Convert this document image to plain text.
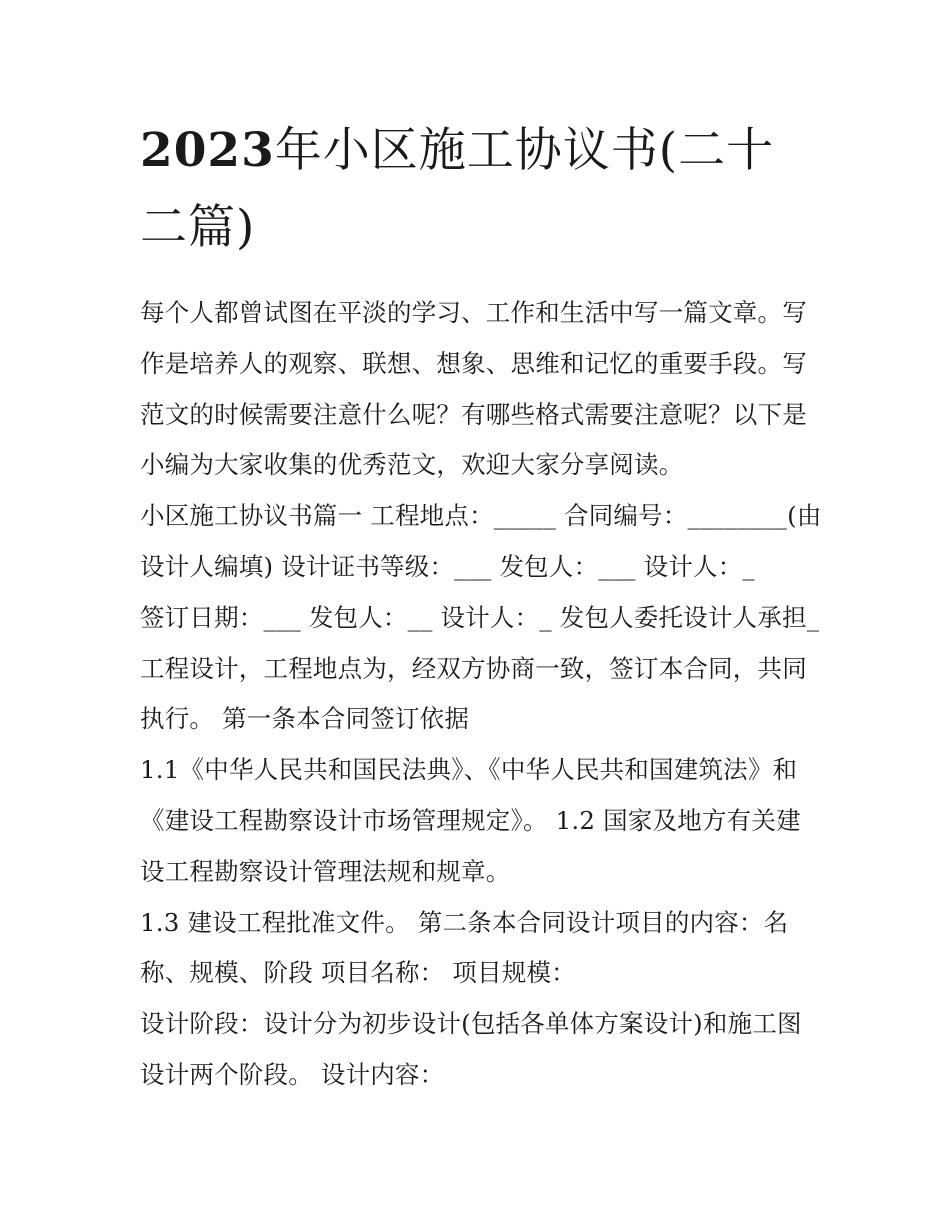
2023年小区施工协议书(二十
二篇)

每个人都曾试图在平淡的学习、工作和生活中写一篇文章。写
作是培养人的观察、联想、想象、思维和记忆的重要手段。写
范文的时候需要注意什么呢？有哪些格式需要注意呢？以下是
小编为大家收集的优秀范文，欢迎大家分享阅读。

小区施工协议书篇一 工程地点：_____ 合同编号：________(由
设计人编填) 设计证书等级：___ 发包人：___ 设计人：_
签订日期：___ 发包人：__ 设计人：_ 发包人委托设计人承担_
工程设计，工程地点为，经双方协商一致，签订本合同，共同
执行。 第一条本合同签订依据

1.1《中华人民共和国民法典》、《中华人民共和国建筑法》和
《建设工程勘察设计市场管理规定》。 1.2 国家及地方有关建
设工程勘察设计管理法规和规章。

1.3 建设工程批准文件。 第二条本合同设计项目的内容：名
称、规模、阶段 项目名称： 项目规模：

设计阶段：设计分为初步设计(包括各单体方案设计)和施工图
设计两个阶段。 设计内容：
